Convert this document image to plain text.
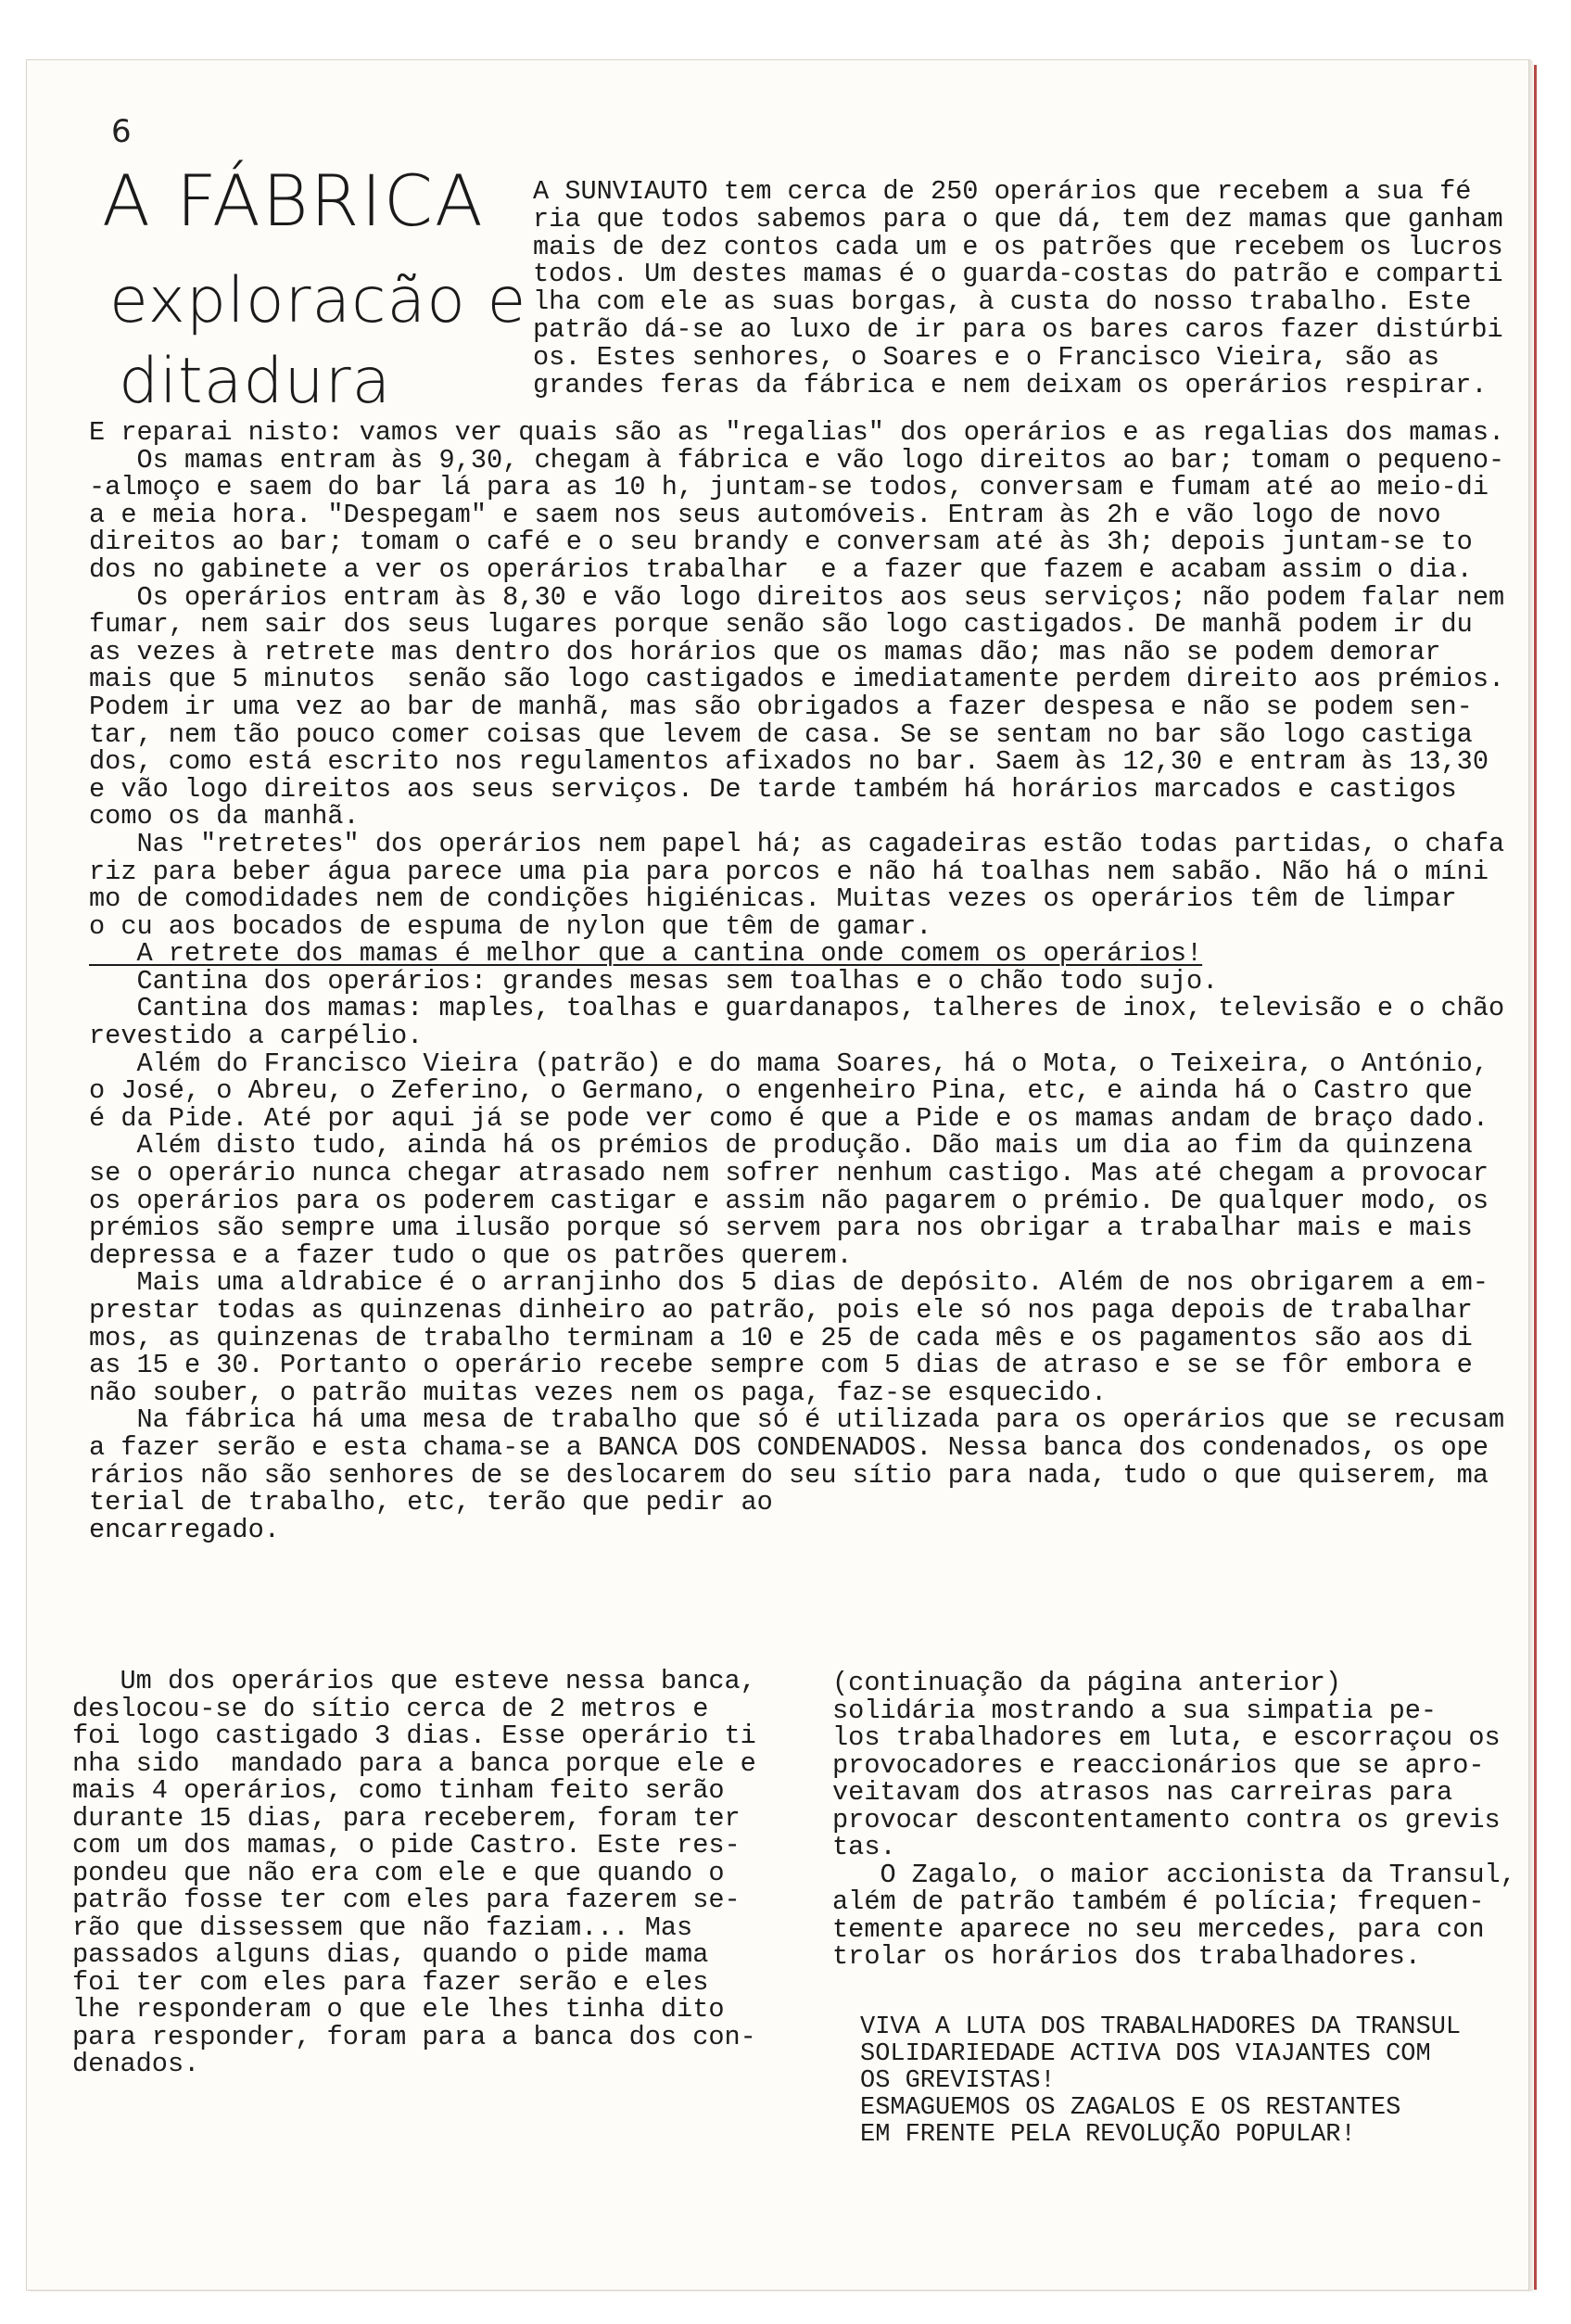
6
A FÁBRICA
exploracão e
ditadura
A SUNVIAUTO tem cerca de 250 operários que recebem a sua fé
ria que todos sabemos para o que dá, tem dez mamas que ganham
mais de dez contos cada um e os patrões que recebem os lucros
todos. Um destes mamas é o guarda-costas do patrão e comparti
lha com ele as suas borgas, à custa do nosso trabalho. Este
patrão dá-se ao luxo de ir para os bares caros fazer distúrbi
os. Estes senhores, o Soares e o Francisco Vieira, são as
grandes feras da fábrica e nem deixam os operários respirar.
E reparai nisto: vamos ver quais são as "regalias" dos operários e as regalias dos mamas.
Os mamas entram às 9,30, chegam à fábrica e vão logo direitos ao bar; tomam o pequeno-
-almoço e saem do bar lá para as 10 h, juntam-se todos, conversam e fumam até ao meio-di
a e meia hora. "Despegam" e saem nos seus automóveis. Entram às 2h e vão logo de novo
direitos ao bar; tomam o café e o seu brandy e conversam até às 3h; depois juntam-se to
dos no gabinete a ver os operários trabalhar  e a fazer que fazem e acabam assim o dia.
Os operários entram às 8,30 e vão logo direitos aos seus serviços; não podem falar nem
fumar, nem sair dos seus lugares porque senão são logo castigados. De manhã podem ir du
as vezes à retrete mas dentro dos horários que os mamas dão; mas não se podem demorar
mais que 5 minutos  senão são logo castigados e imediatamente perdem direito aos prémios.
Podem ir uma vez ao bar de manhã, mas são obrigados a fazer despesa e não se podem sen-
tar, nem tão pouco comer coisas que levem de casa. Se se sentam no bar são logo castiga
dos, como está escrito nos regulamentos afixados no bar. Saem às 12,30 e entram às 13,30
e vão logo direitos aos seus serviços. De tarde também há horários marcados e castigos
como os da manhã.
Nas "retretes" dos operários nem papel há; as cagadeiras estão todas partidas, o chafa
riz para beber água parece uma pia para porcos e não há toalhas nem sabão. Não há o míni
mo de comodidades nem de condições higiénicas. Muitas vezes os operários têm de limpar
o cu aos bocados de espuma de nylon que têm de gamar.
A retrete dos mamas é melhor que a cantina onde comem os operários!
Cantina dos operários: grandes mesas sem toalhas e o chão todo sujo.
Cantina dos mamas: maples, toalhas e guardanapos, talheres de inox, televisão e o chão
revestido a carpélio.
Além do Francisco Vieira (patrão) e do mama Soares, há o Mota, o Teixeira, o António,
o José, o Abreu, o Zeferino, o Germano, o engenheiro Pina, etc, e ainda há o Castro que
é da Pide. Até por aqui já se pode ver como é que a Pide e os mamas andam de braço dado.
Além disto tudo, ainda há os prémios de produção. Dão mais um dia ao fim da quinzena
se o operário nunca chegar atrasado nem sofrer nenhum castigo. Mas até chegam a provocar
os operários para os poderem castigar e assim não pagarem o prémio. De qualquer modo, os
prémios são sempre uma ilusão porque só servem para nos obrigar a trabalhar mais e mais
depressa e a fazer tudo o que os patrões querem.
Mais uma aldrabice é o arranjinho dos 5 dias de depósito. Além de nos obrigarem a em-
prestar todas as quinzenas dinheiro ao patrão, pois ele só nos paga depois de trabalhar
mos, as quinzenas de trabalho terminam a 10 e 25 de cada mês e os pagamentos são aos di
as 15 e 30. Portanto o operário recebe sempre com 5 dias de atraso e se se fôr embora e
não souber, o patrão muitas vezes nem os paga, faz-se esquecido.
Na fábrica há uma mesa de trabalho que só é utilizada para os operários que se recusam
a fazer serão e esta chama-se a BANCA DOS CONDENADOS. Nessa banca dos condenados, os ope
rários não são senhores de se deslocarem do seu sítio para nada, tudo o que quiserem, ma
terial de trabalho, etc, terão que pedir ao
encarregado.
Um dos operários que esteve nessa banca,
deslocou-se do sítio cerca de 2 metros e
foi logo castigado 3 dias. Esse operário ti
nha sido  mandado para a banca porque ele e
mais 4 operários, como tinham feito serão
durante 15 dias, para receberem, foram ter
com um dos mamas, o pide Castro. Este res-
pondeu que não era com ele e que quando o
patrão fosse ter com eles para fazerem se-
rão que dissessem que não faziam... Mas
passados alguns dias, quando o pide mama
foi ter com eles para fazer serão e eles
lhe responderam o que ele lhes tinha dito
para responder, foram para a banca dos con-
denados.
(continuação da página anterior)
solidária mostrando a sua simpatia pe-
los trabalhadores em luta, e escorraçou os
provocadores e reaccionários que se apro-
veitavam dos atrasos nas carreiras para
provocar descontentamento contra os grevis
tas.
O Zagalo, o maior accionista da Transul,
além de patrão também é polícia; frequen-
temente aparece no seu mercedes, para con
trolar os horários dos trabalhadores.
VIVA A LUTA DOS TRABALHADORES DA TRANSUL
SOLIDARIEDADE ACTIVA DOS VIAJANTES COM
OS GREVISTAS!
ESMAGUEMOS OS ZAGALOS E OS RESTANTES
EM FRENTE PELA REVOLUÇÃO POPULAR!
